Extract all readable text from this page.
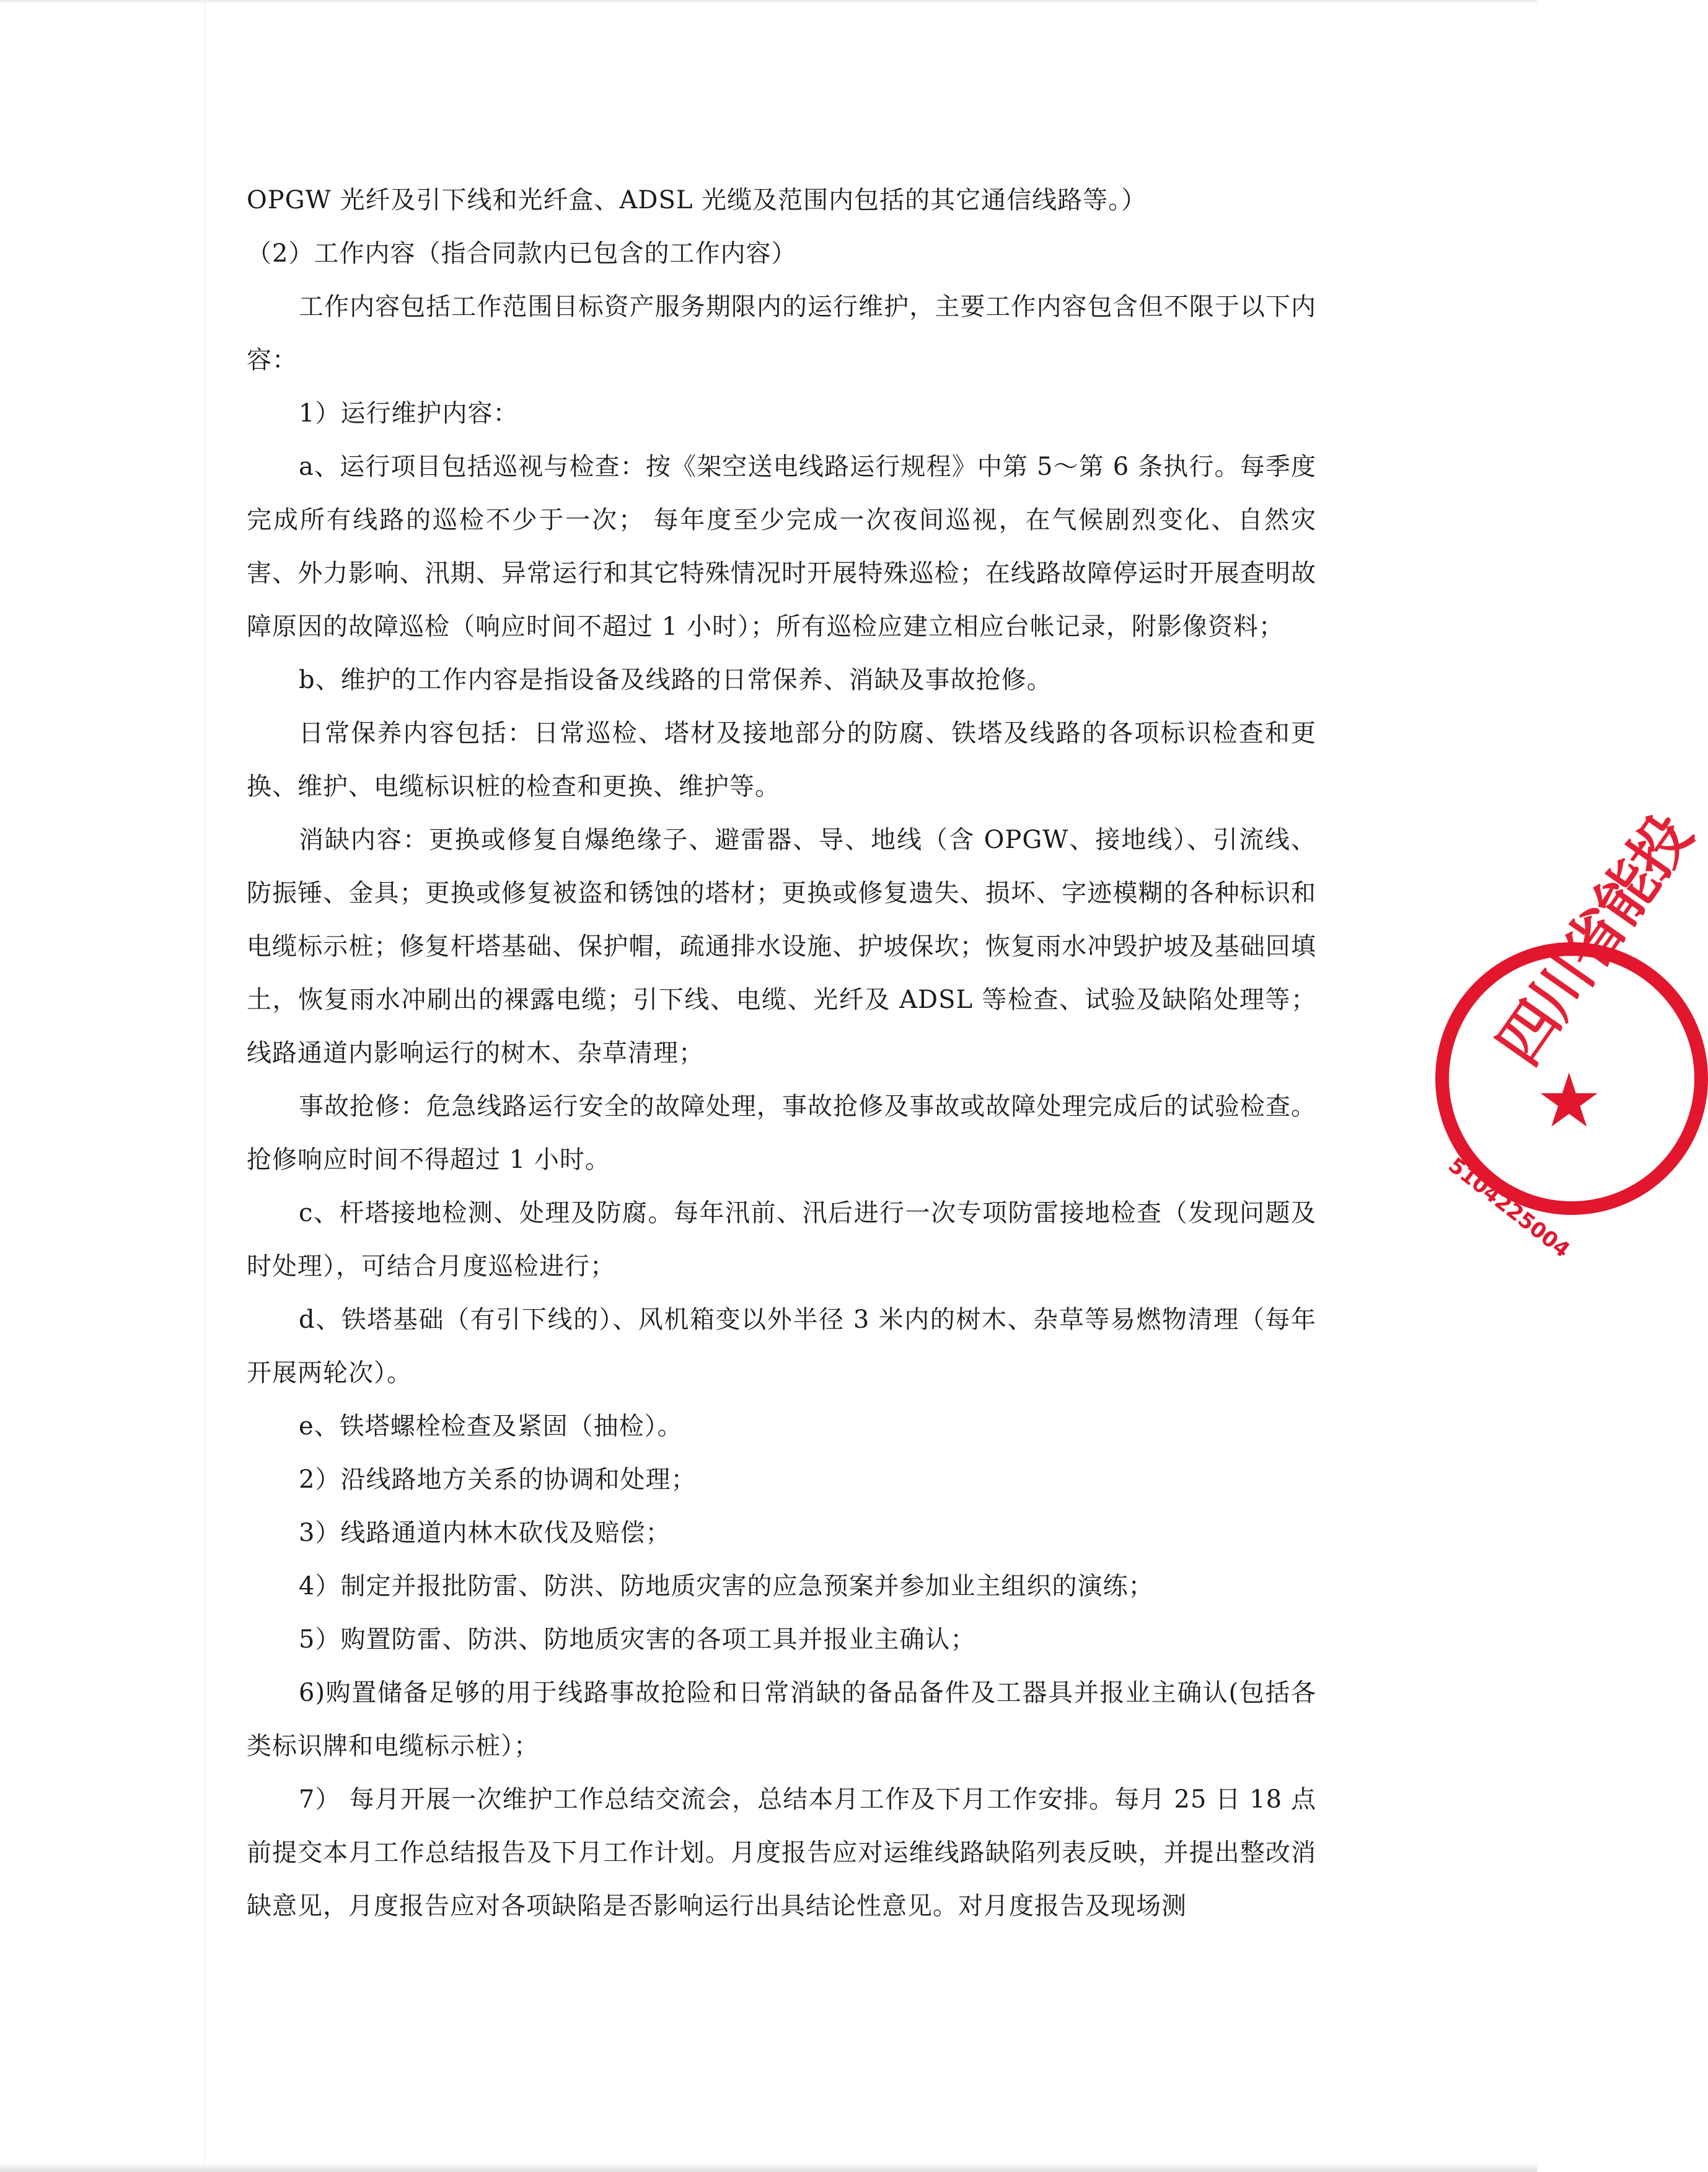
OPGW 光纤及引下线和光纤盒、ADSL 光缆及范围内包括的其它通信线路等。）

（2）工作内容（指合同款内已包含的工作内容）

工作内容包括工作范围目标资产服务期限内的运行维护，主要工作内容包含但不限于以下内容：

1）运行维护内容：

a、运行项目包括巡视与检查：按《架空送电线路运行规程》中第 5～第 6 条执行。每季度完成所有线路的巡检不少于一次； 每年度至少完成一次夜间巡视，在气候剧烈变化、自然灾害、外力影响、汛期、异常运行和其它特殊情况时开展特殊巡检；在线路故障停运时开展查明故障原因的故障巡检（响应时间不超过 1 小时）；所有巡检应建立相应台帐记录，附影像资料；

b、维护的工作内容是指设备及线路的日常保养、消缺及事故抢修。

日常保养内容包括：日常巡检、塔材及接地部分的防腐、铁塔及线路的各项标识检查和更换、维护、电缆标识桩的检查和更换、维护等。

消缺内容：更换或修复自爆绝缘子、避雷器、导、地线（含 OPGW、接地线）、引流线、防振锤、金具；更换或修复被盗和锈蚀的塔材；更换或修复遗失、损坏、字迹模糊的各种标识和电缆标示桩；修复杆塔基础、保护帽，疏通排水设施、护坡保坎；恢复雨水冲毁护坡及基础回填土，恢复雨水冲刷出的裸露电缆；引下线、电缆、光纤及 ADSL 等检查、试验及缺陷处理等；线路通道内影响运行的树木、杂草清理；

事故抢修：危急线路运行安全的故障处理，事故抢修及事故或故障处理完成后的试验检查。抢修响应时间不得超过 1 小时。

c、杆塔接地检测、处理及防腐。每年汛前、汛后进行一次专项防雷接地检查（发现问题及时处理），可结合月度巡检进行；

d、铁塔基础（有引下线的）、风机箱变以外半径 3 米内的树木、杂草等易燃物清理（每年开展两轮次）。

e、铁塔螺栓检查及紧固（抽检）。

2）沿线路地方关系的协调和处理；

3）线路通道内林木砍伐及赔偿；

4）制定并报批防雷、防洪、防地质灾害的应急预案并参加业主组织的演练；

5）购置防雷、防洪、防地质灾害的各项工具并报业主确认；

6)购置储备足够的用于线路事故抢险和日常消缺的备品备件及工器具并报业主确认(包括各类标识牌和电缆标示桩）；

7） 每月开展一次维护工作总结交流会，总结本月工作及下月工作安排。每月 25 日 18 点前提交本月工作总结报告及下月工作计划。月度报告应对运维线路缺陷列表反映，并提出整改消缺意见，月度报告应对各项缺陷是否影响运行出具结论性意见。对月度报告及现场测

四川省能投
★
5104225004
